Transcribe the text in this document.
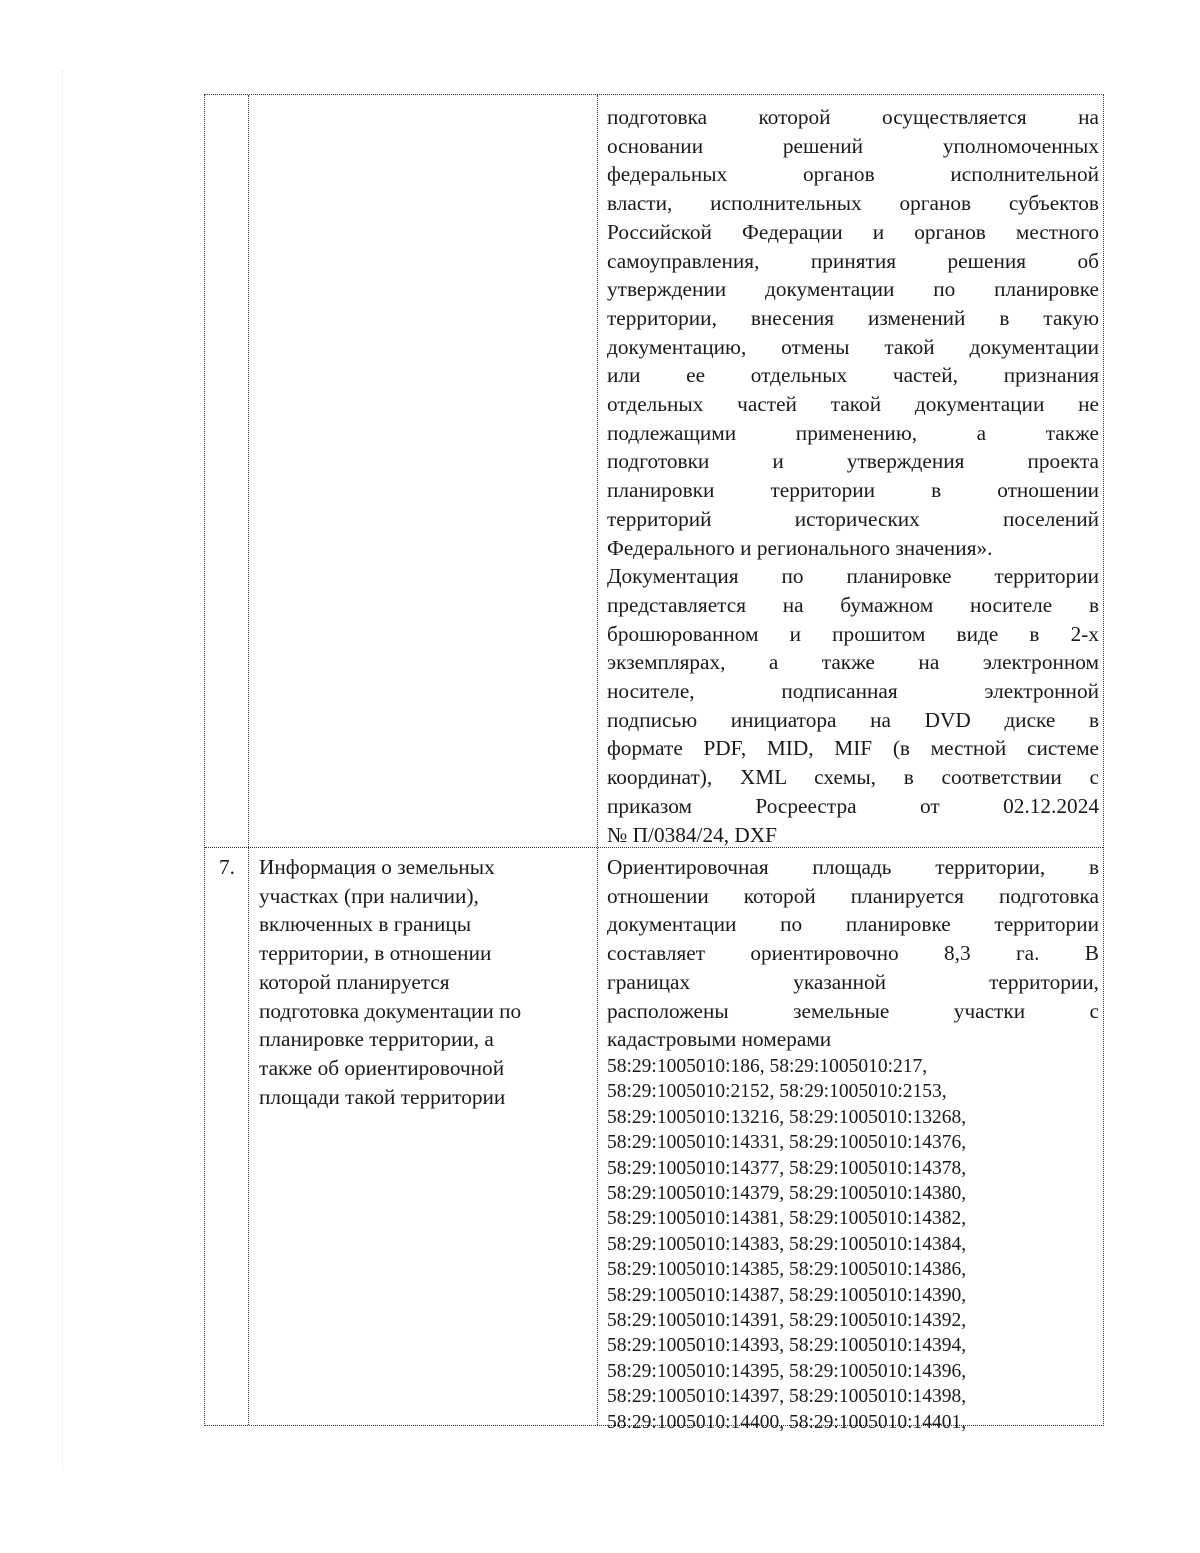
подготовка которой осуществляется на
основании решений уполномоченных
федеральных органов исполнительной
власти, исполнительных органов субъектов
Российской Федерации и органов местного
самоуправления, принятия решения об
утверждении документации по планировке
территории, внесения изменений в такую
документацию, отмены такой документации
или ее отдельных частей, признания
отдельных частей такой документации не
подлежащими применению, а также
подготовки и утверждения проекта
планировки территории в отношении
территорий исторических поселений
Федерального и регионального значения».
Документация по планировке территории
представляется на бумажном носителе в
брошюрованном и прошитом виде в 2-х
экземплярах, а также на электронном
носителе, подписанная электронной
подписью инициатора на DVD диске в
формате PDF, MID, MIF (в местной системе
координат), XML схемы, в соответствии с
приказом Росреестра от 02.12.2024
№ П/0384/24, DXF
7.	Информация о земельных
участках (при наличии),
включенных в границы
территории, в отношении
которой планируется
подготовка документации по
планировке территории, а
также об ориентировочной
площади такой территории
Ориентировочная площадь территории, в
отношении которой планируется подготовка
документации по планировке территории
составляет ориентировочно 8,3 га. В
границах указанной территории,
расположены земельные участки с
кадастровыми номерами
58:29:1005010:186, 58:29:1005010:217,
58:29:1005010:2152, 58:29:1005010:2153,
58:29:1005010:13216, 58:29:1005010:13268,
58:29:1005010:14331, 58:29:1005010:14376,
58:29:1005010:14377, 58:29:1005010:14378,
58:29:1005010:14379, 58:29:1005010:14380,
58:29:1005010:14381, 58:29:1005010:14382,
58:29:1005010:14383, 58:29:1005010:14384,
58:29:1005010:14385, 58:29:1005010:14386,
58:29:1005010:14387, 58:29:1005010:14390,
58:29:1005010:14391, 58:29:1005010:14392,
58:29:1005010:14393, 58:29:1005010:14394,
58:29:1005010:14395, 58:29:1005010:14396,
58:29:1005010:14397, 58:29:1005010:14398,
58:29:1005010:14400, 58:29:1005010:14401,
